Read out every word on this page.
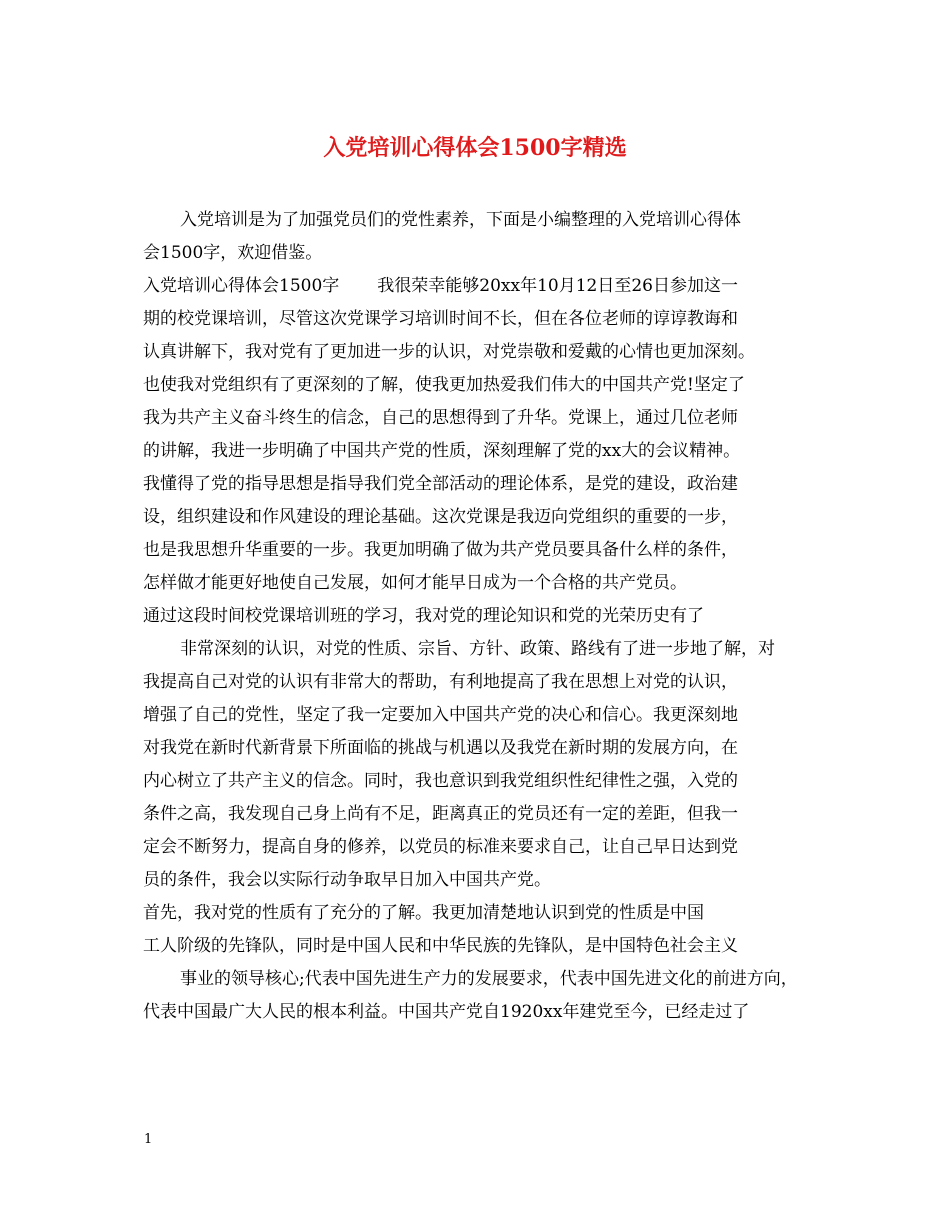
入党培训心得体会1500字精选

入党培训是为了加强党员们的党性素养，下面是小编整理的入党培训心得体

会1500字，欢迎借鉴。

入党培训心得体会1500字 我很荣幸能够20xx年10月12日至26日参加这一

期的校党课培训，尽管这次党课学习培训时间不长，但在各位老师的谆谆教诲和

认真讲解下，我对党有了更加进一步的认识，对党崇敬和爱戴的心情也更加深刻。

也使我对党组织有了更深刻的了解，使我更加热爱我们伟大的中国共产党!坚定了

我为共产主义奋斗终生的信念，自己的思想得到了升华。党课上，通过几位老师

的讲解，我进一步明确了中国共产党的性质，深刻理解了党的xx大的会议精神。

我懂得了党的指导思想是指导我们党全部活动的理论体系，是党的建设，政治建

设，组织建设和作风建设的理论基础。这次党课是我迈向党组织的重要的一步，

也是我思想升华重要的一步。我更加明确了做为共产党员要具备什么样的条件，

怎样做才能更好地使自己发展，如何才能早日成为一个合格的共产党员。

通过这段时间校党课培训班的学习，我对党的理论知识和党的光荣历史有了

非常深刻的认识，对党的性质、宗旨、方针、政策、路线有了进一步地了解，对

我提高自己对党的认识有非常大的帮助，有利地提高了我在思想上对党的认识，

增强了自己的党性，坚定了我一定要加入中国共产党的决心和信心。我更深刻地

对我党在新时代新背景下所面临的挑战与机遇以及我党在新时期的发展方向，在

内心树立了共产主义的信念。同时，我也意识到我党组织性纪律性之强，入党的

条件之高，我发现自己身上尚有不足，距离真正的党员还有一定的差距，但我一

定会不断努力，提高自身的修养，以党员的标准来要求自己，让自己早日达到党

员的条件，我会以实际行动争取早日加入中国共产党。

首先，我对党的性质有了充分的了解。我更加清楚地认识到党的性质是中国

工人阶级的先锋队，同时是中国人民和中华民族的先锋队，是中国特色社会主义

事业的领导核心;代表中国先进生产力的发展要求，代表中国先进文化的前进方向，

代表中国最广大人民的根本利益。中国共产党自1920xx年建党至今，已经走过了

1
